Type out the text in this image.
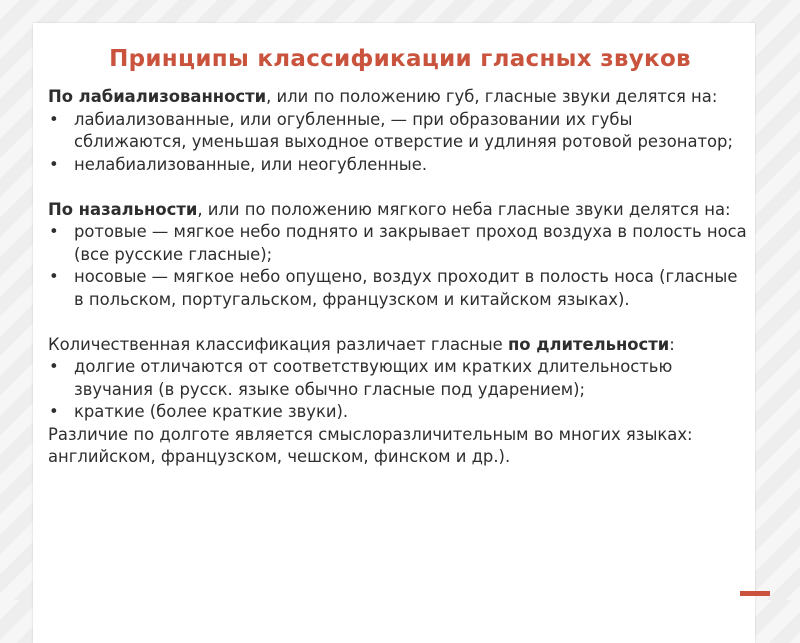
Принципы классификации гласных звуков

По лабиализованности, или по положению губ, гласные звуки делятся на:

• лабиализованные, или огубленные, — при образовании их губы сближаются, уменьшая выходное отверстие и удлиняя ротовой резонатор;
• нелабиализованные, или неогубленные.

По назальности, или по положению мягкого неба гласные звуки делятся на:

• ротовые — мягкое небо поднято и закрывает проход воздуха в полость носа (все русские гласные);
• носовые — мягкое небо опущено, воздух проходит в полость носа (гласные в польском, португальском, французском и китайском языках).

Количественная классификация различает гласные по длительности:

• долгие отличаются от соответствующих им кратких длительностью звучания (в русск. языке обычно гласные под ударением);
• краткие (более краткие звуки).

Различие по долготе является смыслоразличительным во многих языках: английском, французском, чешском, финском и др.).
